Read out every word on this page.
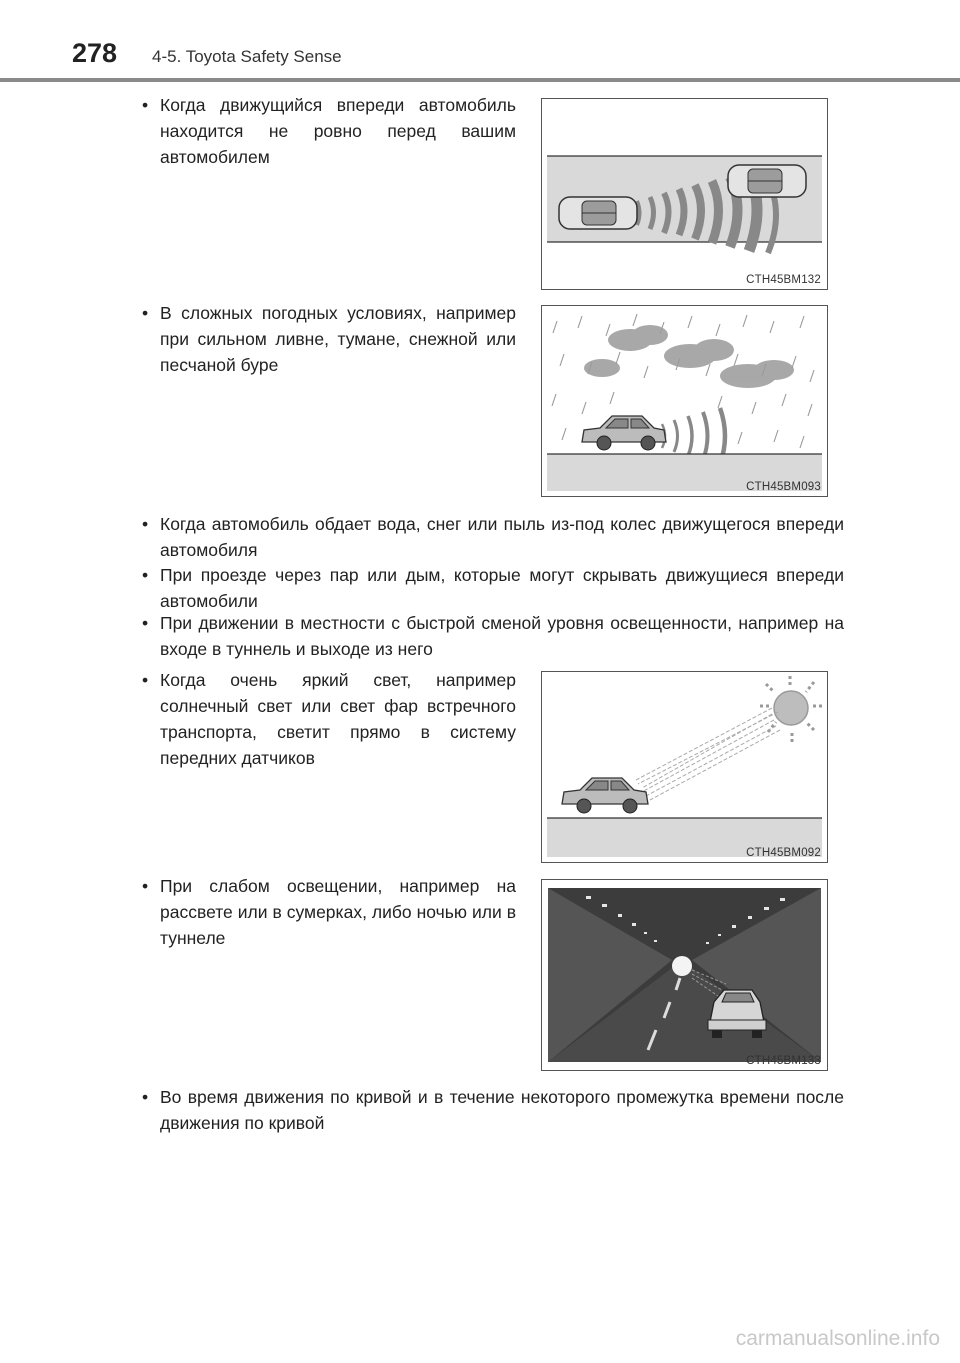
278 4-5. Toyota Safety Sense
• Когда движущийся впереди автомобиль находится не ровно перед вашим автомобилем
CTH45BM132
• В сложных погодных условиях, например при сильном ливне, тумане, снежной или песчаной буре
CTH45BM093
• Когда автомобиль обдает вода, снег или пыль из-под колес движущегося впереди автомобиля
• При проезде через пар или дым, которые могут скрывать движущиеся впереди автомобили
• При движении в местности с быстрой сменой уровня освещенности, например на входе в туннель и выходе из него
• Когда очень яркий свет, например солнечный свет или свет фар встречного транспорта, светит прямо в систему передних датчиков
CTH45BM092
• При слабом освещении, например на рассвете или в сумерках, либо ночью или в туннеле
CTH45BM133
• Во время движения по кривой и в течение некоторого промежутка времени после движения по кривой
carmanualsonline.info
